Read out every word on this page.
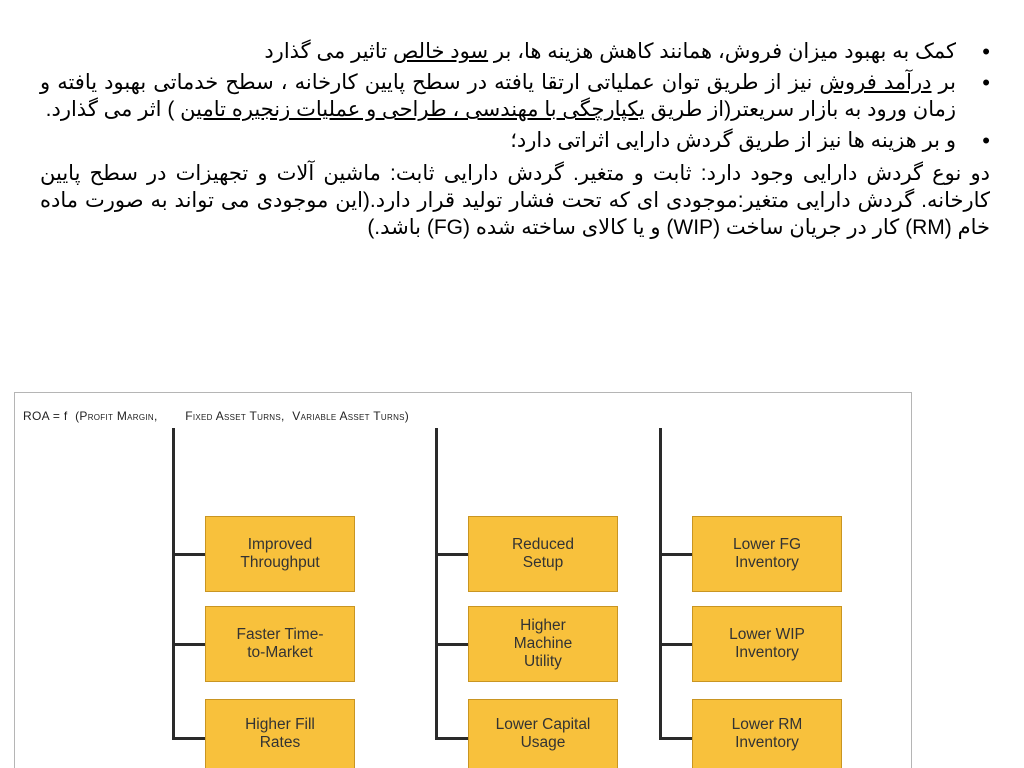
•
کمک به بهبود میزان فروش، همانند کاهش هزینه ها، بر سود خالص تاثیر می گذارد
•
بر درآمد فروش نیز از طریق توان عملیاتی ارتقا یافته در سطح پایین کارخانه ، سطح خدماتی بهبود یافته و زمان ورود به بازار سریعتر(از طریق یکپارچگی با مهندسی ، طراحی و عملیات زنجیره تامین ) اثر می گذارد.
•
و بر هزینه ها نیز از طریق گردش دارایی اثراتی دارد؛
دو نوع گردش دارایی وجود دارد: ثابت و متغیر. گردش دارایی ثابت: ماشین آلات و تجهیزات در سطح پایین کارخانه. گردش دارایی متغیر:موجودی ای که تحت فشار تولید قرار دارد.(این موجودی می تواند به صورت ماده خام (RM) کار در جریان ساخت (WIP) و یا کالای ساخته شده (FG) باشد.)
ROA = f (Profit Margin, Fixed Asset Turns, Variable Asset Turns)
Improved
Throughput
Faster Time-
to-Market
Higher Fill
Rates
Reduced
Setup
Higher
Machine
Utility
Lower Capital
Usage
Lower FG
Inventory
Lower WIP
Inventory
Lower RM
Inventory
